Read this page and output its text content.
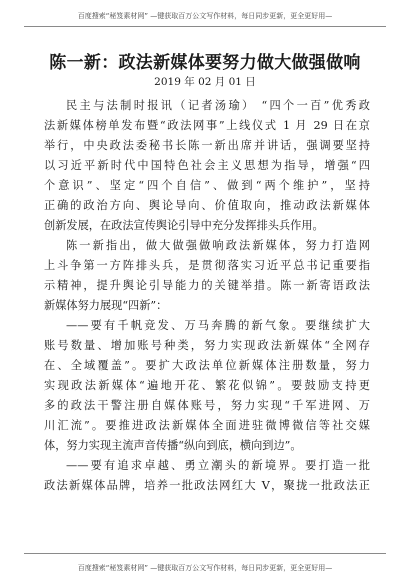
百度搜索“秘笈素材网” —键获取百万公文写作材料，每日同步更新，更全更好用—
陈一新：政法新媒体要努力做大做强做响
2019 年 02 月 01 日
民主与法制时报讯（记者汤瑜） “四个一百”优秀政
法新媒体榜单发布暨“政法网事”上线仪式 1 月 29 日在京
举行，中央政法委秘书长陈一新出席并讲话，强调要坚持
以习近平新时代中国特色社会主义思想为指导，增强“四
个意识”、坚定“四个自信”、做到“两个维护”，坚持
正确的政治方向、舆论导向、价值取向，推动政法新媒体
创新发展，在政法宣传舆论引导中充分发挥排头兵作用。
陈一新指出，做大做强做响政法新媒体，努力打造网
上斗争第一方阵排头兵，是贯彻落实习近平总书记重要指
示精神，提升舆论引导能力的关键举措。陈一新寄语政法
新媒体努力展现“四新”：
——要有千帆竞发、万马奔腾的新气象。要继续扩大
账号数量、增加账号种类，努力实现政法新媒体“全网存
在、全域覆盖”。要扩大政法单位新媒体注册数量，努力
实现政法新媒体“遍地开花、繁花似锦”。要鼓励支持更
多的政法干警注册自媒体账号，努力实现“千军进网、万
川汇流”。要推进政法新媒体全面进驻微博微信等社交媒
体，努力实现主流声音传播“纵向到底，横向到边”。
——要有追求卓越、勇立潮头的新境界。要打造一批
政法新媒体品牌，培养一批政法网红大 V，聚拢一批政法正
百度搜索“秘笈素材网” —键获取百万公文写作材料，每日同步更新，更全更好用—
